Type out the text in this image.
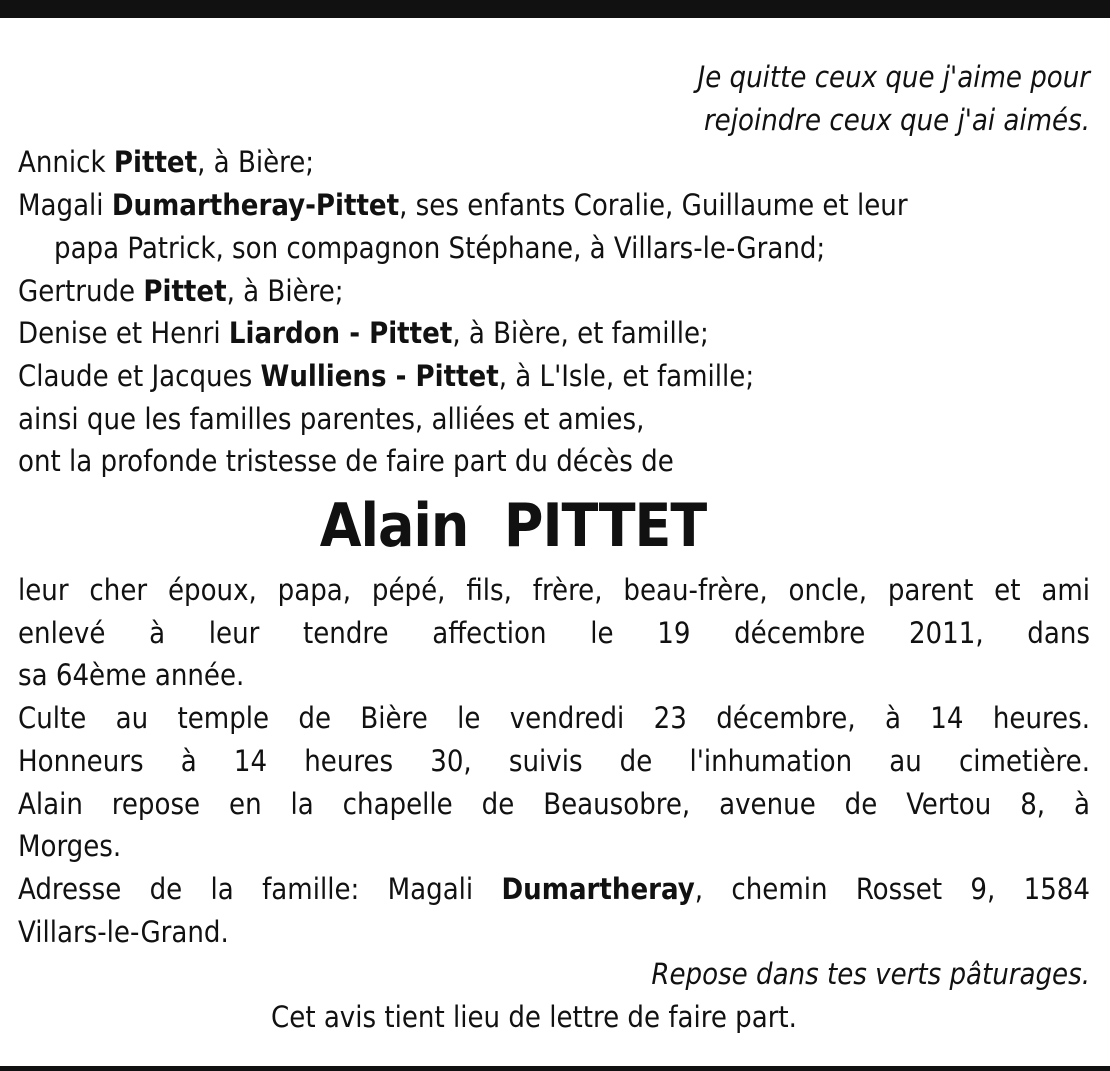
Je quitte ceux que j'aime pour
rejoindre ceux que j'ai aimés.
Annick Pittet, à Bière;
Magali Dumartheray-Pittet, ses enfants Coralie, Guillaume et leur
papa Patrick, son compagnon Stéphane, à Villars-le-Grand;
Gertrude Pittet, à Bière;
Denise et Henri Liardon - Pittet, à Bière, et famille;
Claude et Jacques Wulliens - Pittet, à L'Isle, et famille;
ainsi que les familles parentes, alliées et amies,
ont la profonde tristesse de faire part du décès de
Alain  PITTET
leur cher époux, papa, pépé, fils, frère, beau-frère, oncle, parent et ami
enlevé à leur tendre affection le 19 décembre 2011, dans
sa 64ème année.
Culte au temple de Bière le vendredi 23 décembre, à 14 heures.
Honneurs à 14 heures 30, suivis de l'inhumation au cimetière.
Alain repose en la chapelle de Beausobre, avenue de Vertou 8, à
Morges.
Adresse de la famille: Magali Dumartheray, chemin Rosset 9, 1584
Villars-le-Grand.
Repose dans tes verts pâturages.
Cet avis tient lieu de lettre de faire part.
